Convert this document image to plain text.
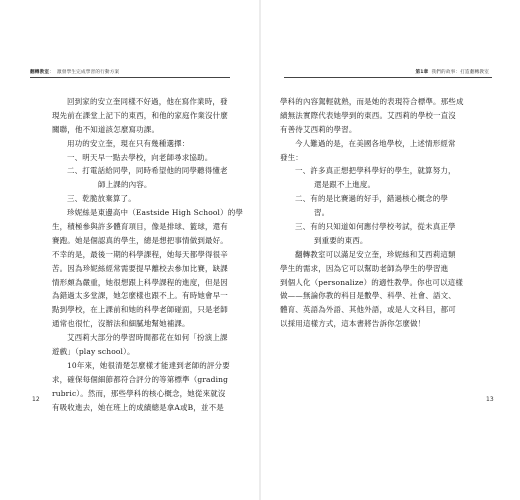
翻轉教室： 激發學生完成學習的行動方案
回到家的安立奎同樣不好過，他在寫作業時，發
現先前在課堂上記下的東西，和他的家庭作業沒什麼
關聯，他不知道該怎麼寫功課。
用功的安立奎，現在只有幾種選擇：
一、明天早一點去學校，向老師尋求協助。
二、打電話給同學，同時希望他的同學聽得懂老
師上課的內容。
三、乾脆放棄算了。
珍妮絲是東邊高中（Eastside High School）的學
生，積極參與許多體育項目，像是排球、籃球，還有
賽跑。她是個認真的學生，總是想把事情做到最好。
不幸的是，最後一期的科學課程，她每天都學得很辛
苦。因為珍妮絲經常需要提早離校去參加比賽，缺課
情形頗為嚴重，她很想跟上科學課程的進度，但是因
為錯過太多堂課，她怎麼樣也跟不上。有時她會早一
點到學校，在上課前和她的科學老師碰面，只是老師
通常也很忙，沒辦法和細膩地幫她補課。
艾西莉大部分的學習時間都花在如何「扮演上課
遊戲」（play school）。
10年來，她很清楚怎麼樣才能達到老師的評分要
求，確保每個細節都符合評分的等第標準（grading
rubric）。然而，那些學科的核心概念，她從來就沒
有吸收進去，她在班上的成績總是拿A或B，並不是
12
第1章 我們的故事：打造翻轉教室
學科的內容駕輕就熟，而是她的表現符合標準。那些成
績無法實際代表她學到的東西。艾西莉的學校一直沒
有善待艾西莉的學習。
今人難過的是，在美國各地學校，上述情形經常
發生：
一、許多真正想把學科學好的學生，就算努力，
還是跟不上進度。
二、有的是比賽過的好手，錯過核心概念的學
習。
三、有的只知道如何應付學校考試，從未真正學
到重要的東西。
翻轉教室可以滿足安立奎，珍妮絲和艾西莉這類
學生的需求，因為它可以幫助老師為學生的學習進
到個人化（personalize）的適性教學。你也可以這樣
做——無論你教的科目是數學、科學、社會、語文、
體育、英語為外語、其他外語，或是人文科目，都可
以採用這樣方式，這本書將告訴你怎麼做！
13
